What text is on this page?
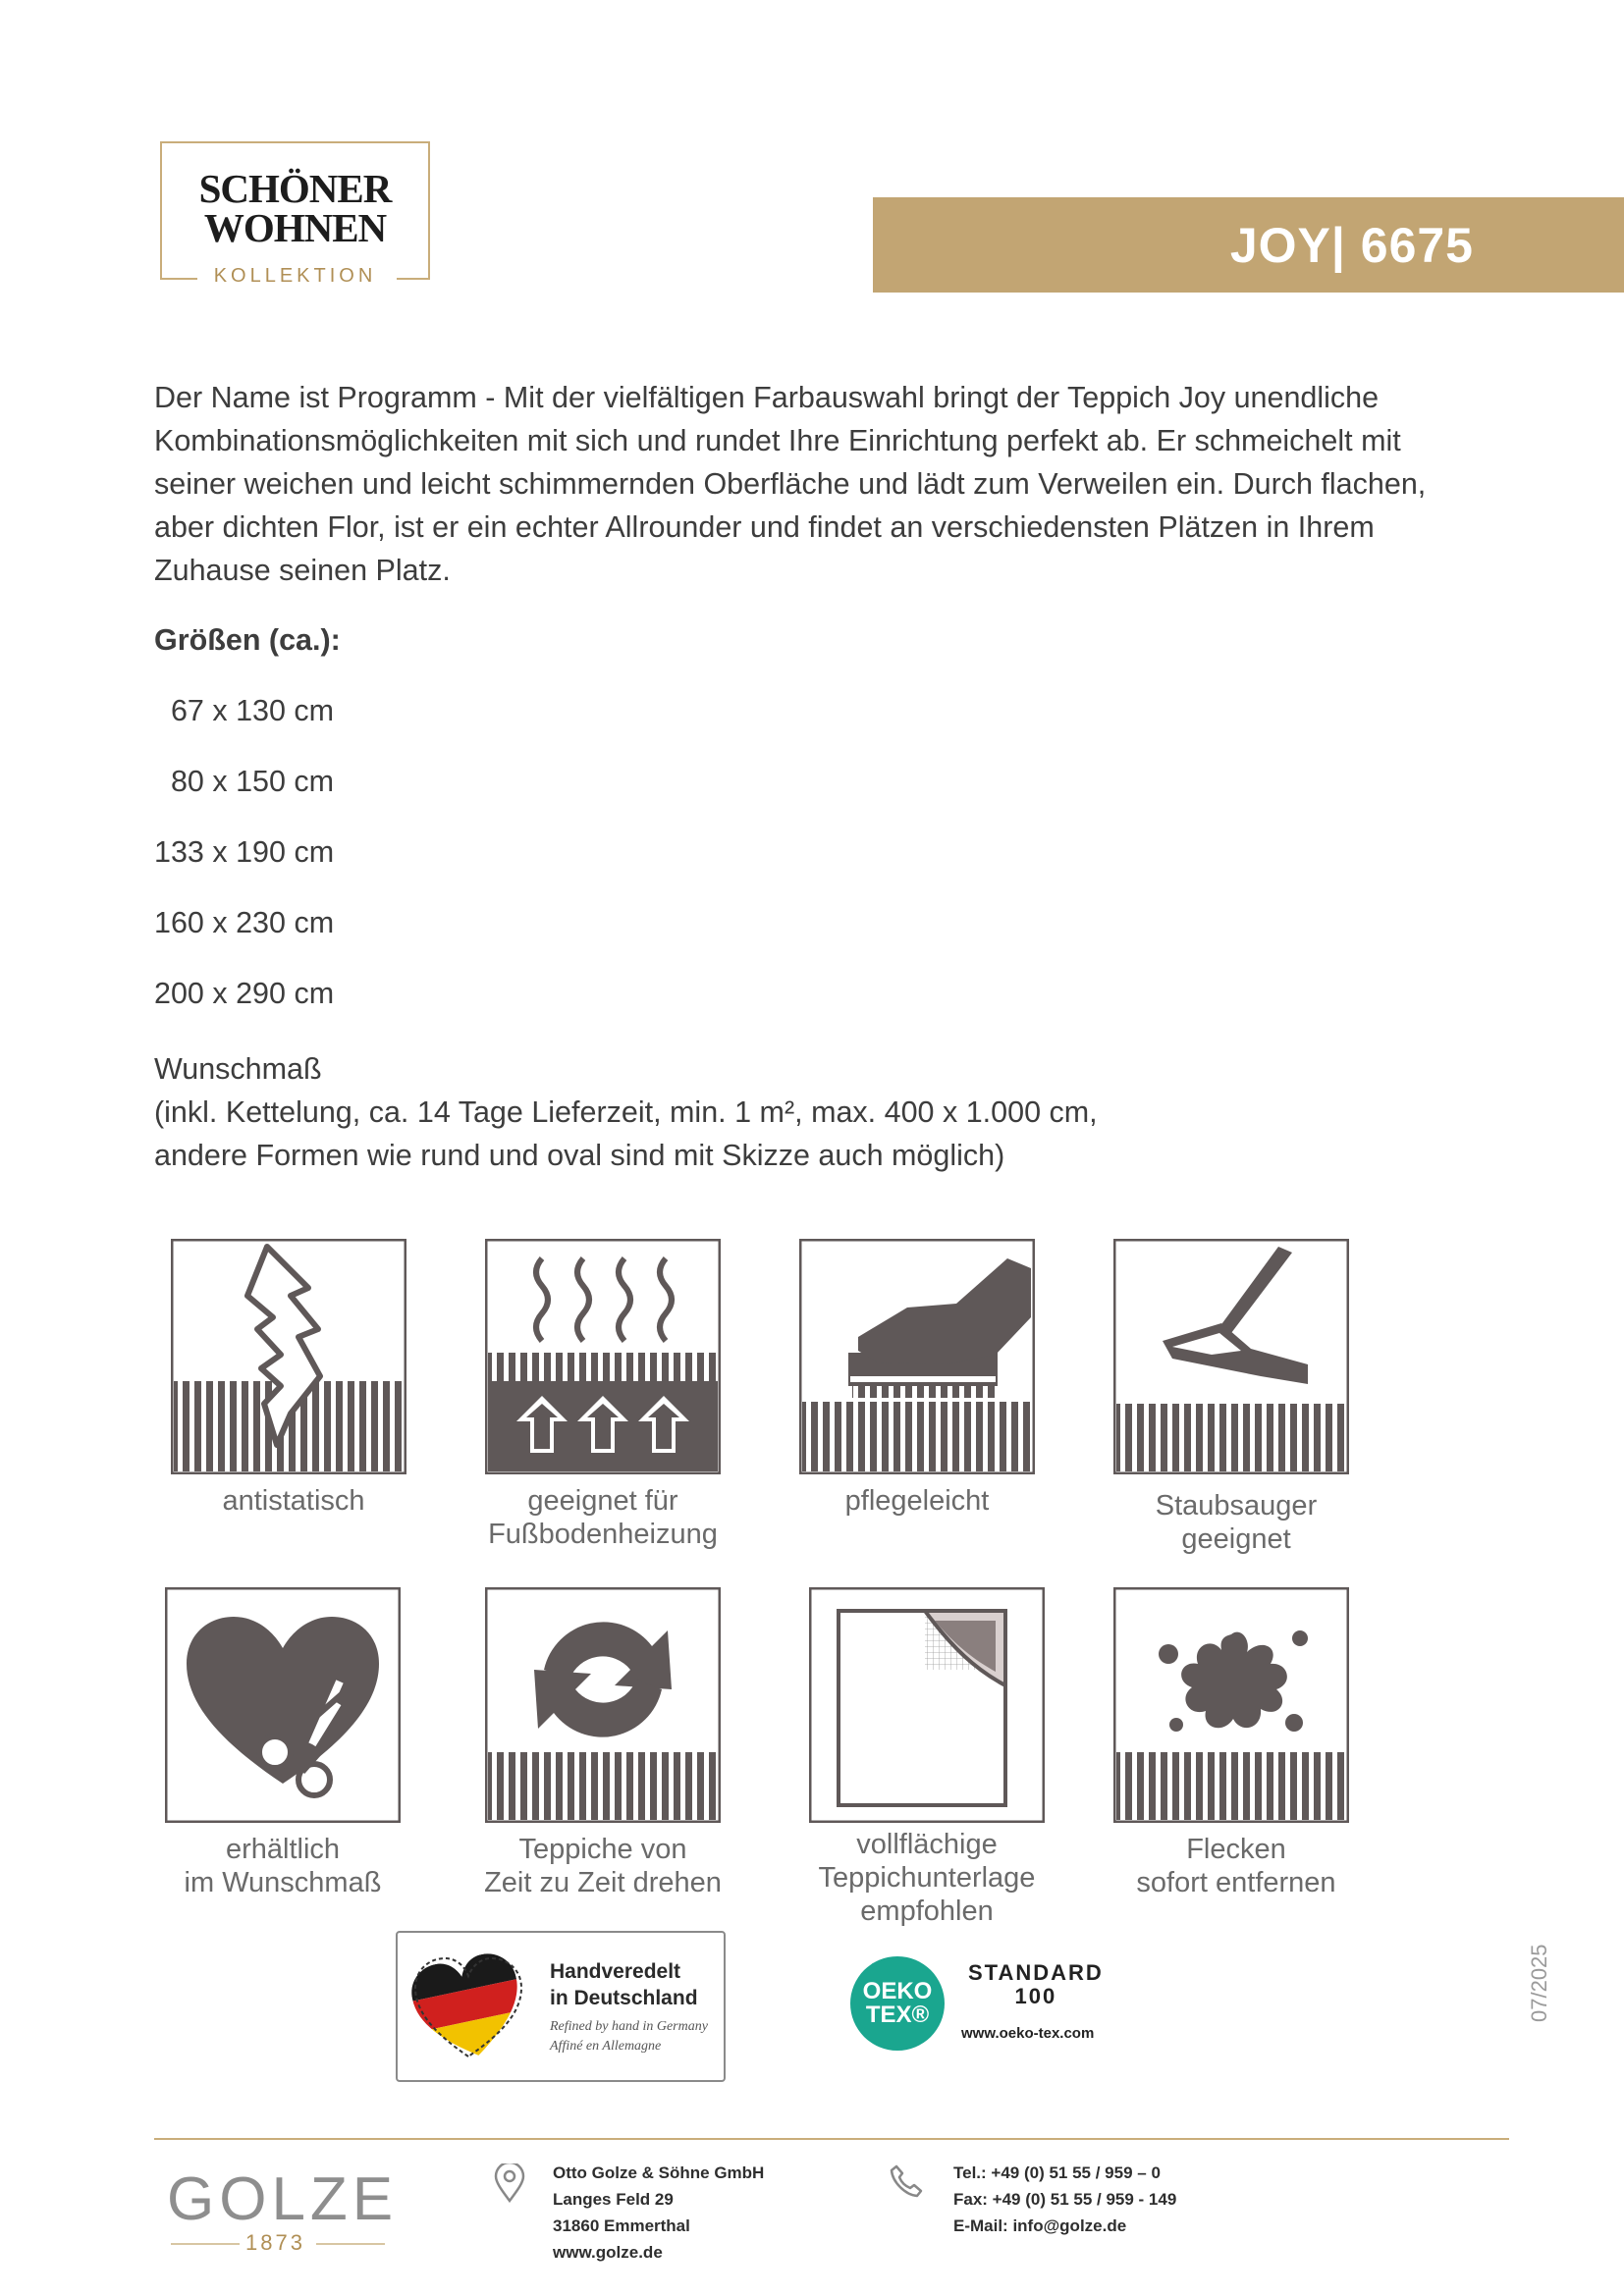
SCHÖNER
WOHNEN
KOLLEKTION
JOY| 6675
Der Name ist Programm - Mit der vielfältigen Farbauswahl bringt der Teppich Joy unendliche Kombinationsmöglichkeiten mit sich und rundet Ihre Einrichtung perfekt ab. Er schmeichelt mit seiner weichen und leicht schimmernden Oberfläche und lädt zum Verweilen ein. Durch flachen, aber dichten Flor, ist er ein echter Allrounder und findet an verschiedensten Plätzen in Ihrem Zuhause seinen Platz.
Größen (ca.):
67 x 130 cm
80 x 150 cm
133 x 190 cm
160 x 230 cm
200 x 290 cm
Wunschmaß
(inkl. Kettelung, ca. 14 Tage Lieferzeit, min. 1 m², max. 400 x 1.000 cm,
andere Formen wie rund und oval sind mit Skizze auch möglich)
antistatisch	geeignet für
Fußbodenheizung
pflegeleicht	Staubsauger
geeignet
erhältlich
im Wunschmaß
Teppiche von
Zeit zu Zeit drehen
vollflächige
Teppichunterlage
empfohlen
Flecken
sofort entfernen
Handveredelt
in Deutschland
Refined by hand in Germany
Affiné en Allemagne
OEKO
TEX®
STANDARD
100
www.oeko-tex.com
07/2025
GOLZE
1873
Otto Golze & Söhne GmbH
Langes Feld 29
31860 Emmerthal
www.golze.de
Tel.: +49 (0) 51 55 / 959 – 0
Fax: +49 (0) 51 55 / 959 - 149
E-Mail: info@golze.de
